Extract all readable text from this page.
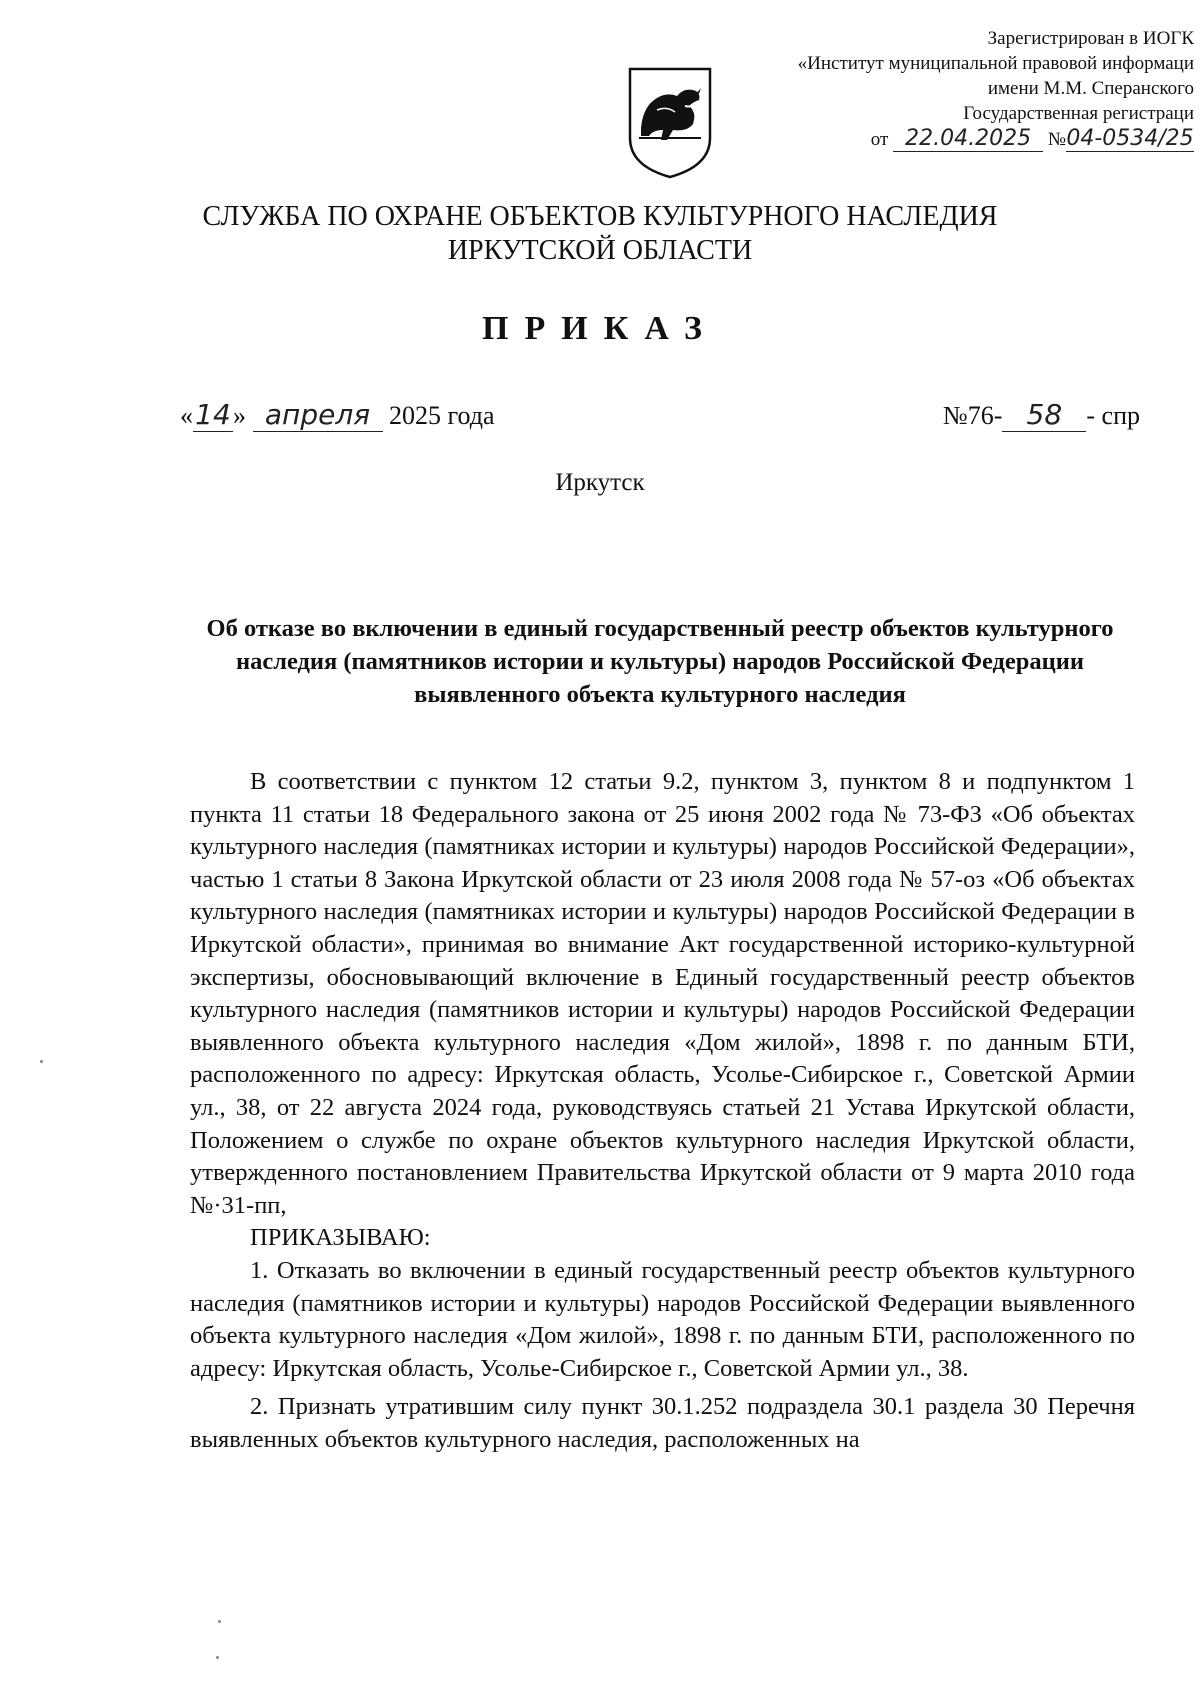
Зарегистрирован в ИОГК
«Институт муниципальной правовой информаци
имени М.М. Сперанского
Государственная регистраци
от 22.04.2025 №04-0534/25
СЛУЖБА ПО ОХРАНЕ ОБЪЕКТОВ КУЛЬТУРНОГО НАСЛЕДИЯ
ИРКУТСКОЙ ОБЛАСТИ
ПРИКАЗ
«14» апреля 2025 года	№76- 58 - спр
Иркутск
Об отказе во включении в единый государственный реестр объектов культурного наследия (памятников истории и культуры) народов Российской Федерации выявленного объекта культурного наследия

В соответствии с пунктом 12 статьи 9.2, пунктом 3, пунктом 8 и подпунктом 1 пункта 11 статьи 18 Федерального закона от 25 июня 2002 года № 73-ФЗ «Об объектах культурного наследия (памятниках истории и культуры) народов Российской Федерации», частью 1 статьи 8 Закона Иркутской области от 23 июля 2008 года № 57-оз «Об объектах культурного наследия (памятниках истории и культуры) народов Российской Федерации в Иркутской области», принимая во внимание Акт государственной историко-культурной экспертизы, обосновывающий включение в Единый государственный реестр объектов культурного наследия (памятников истории и культуры) народов Российской Федерации выявленного объекта культурного наследия «Дом жилой», 1898 г. по данным БТИ, расположенного по адресу: Иркутская область, Усолье-Сибирское г., Советской Армии ул., 38, от 22 августа 2024 года, руководствуясь статьей 21 Устава Иркутской области, Положением о службе по охране объектов культурного наследия Иркутской области, утвержденного постановлением Правительства Иркутской области от 9 марта 2010 года №·31-пп,

ПРИКАЗЫВАЮ:

1. Отказать во включении в единый государственный реестр объектов культурного наследия (памятников истории и культуры) народов Российской Федерации выявленного объекта культурного наследия «Дом жилой», 1898 г. по данным БТИ, расположенного по адресу: Иркутская область, Усолье-Сибирское г., Советской Армии ул., 38.

2. Признать утратившим силу пункт 30.1.252 подраздела 30.1 раздела 30 Перечня выявленных объектов культурного наследия, расположенных на
